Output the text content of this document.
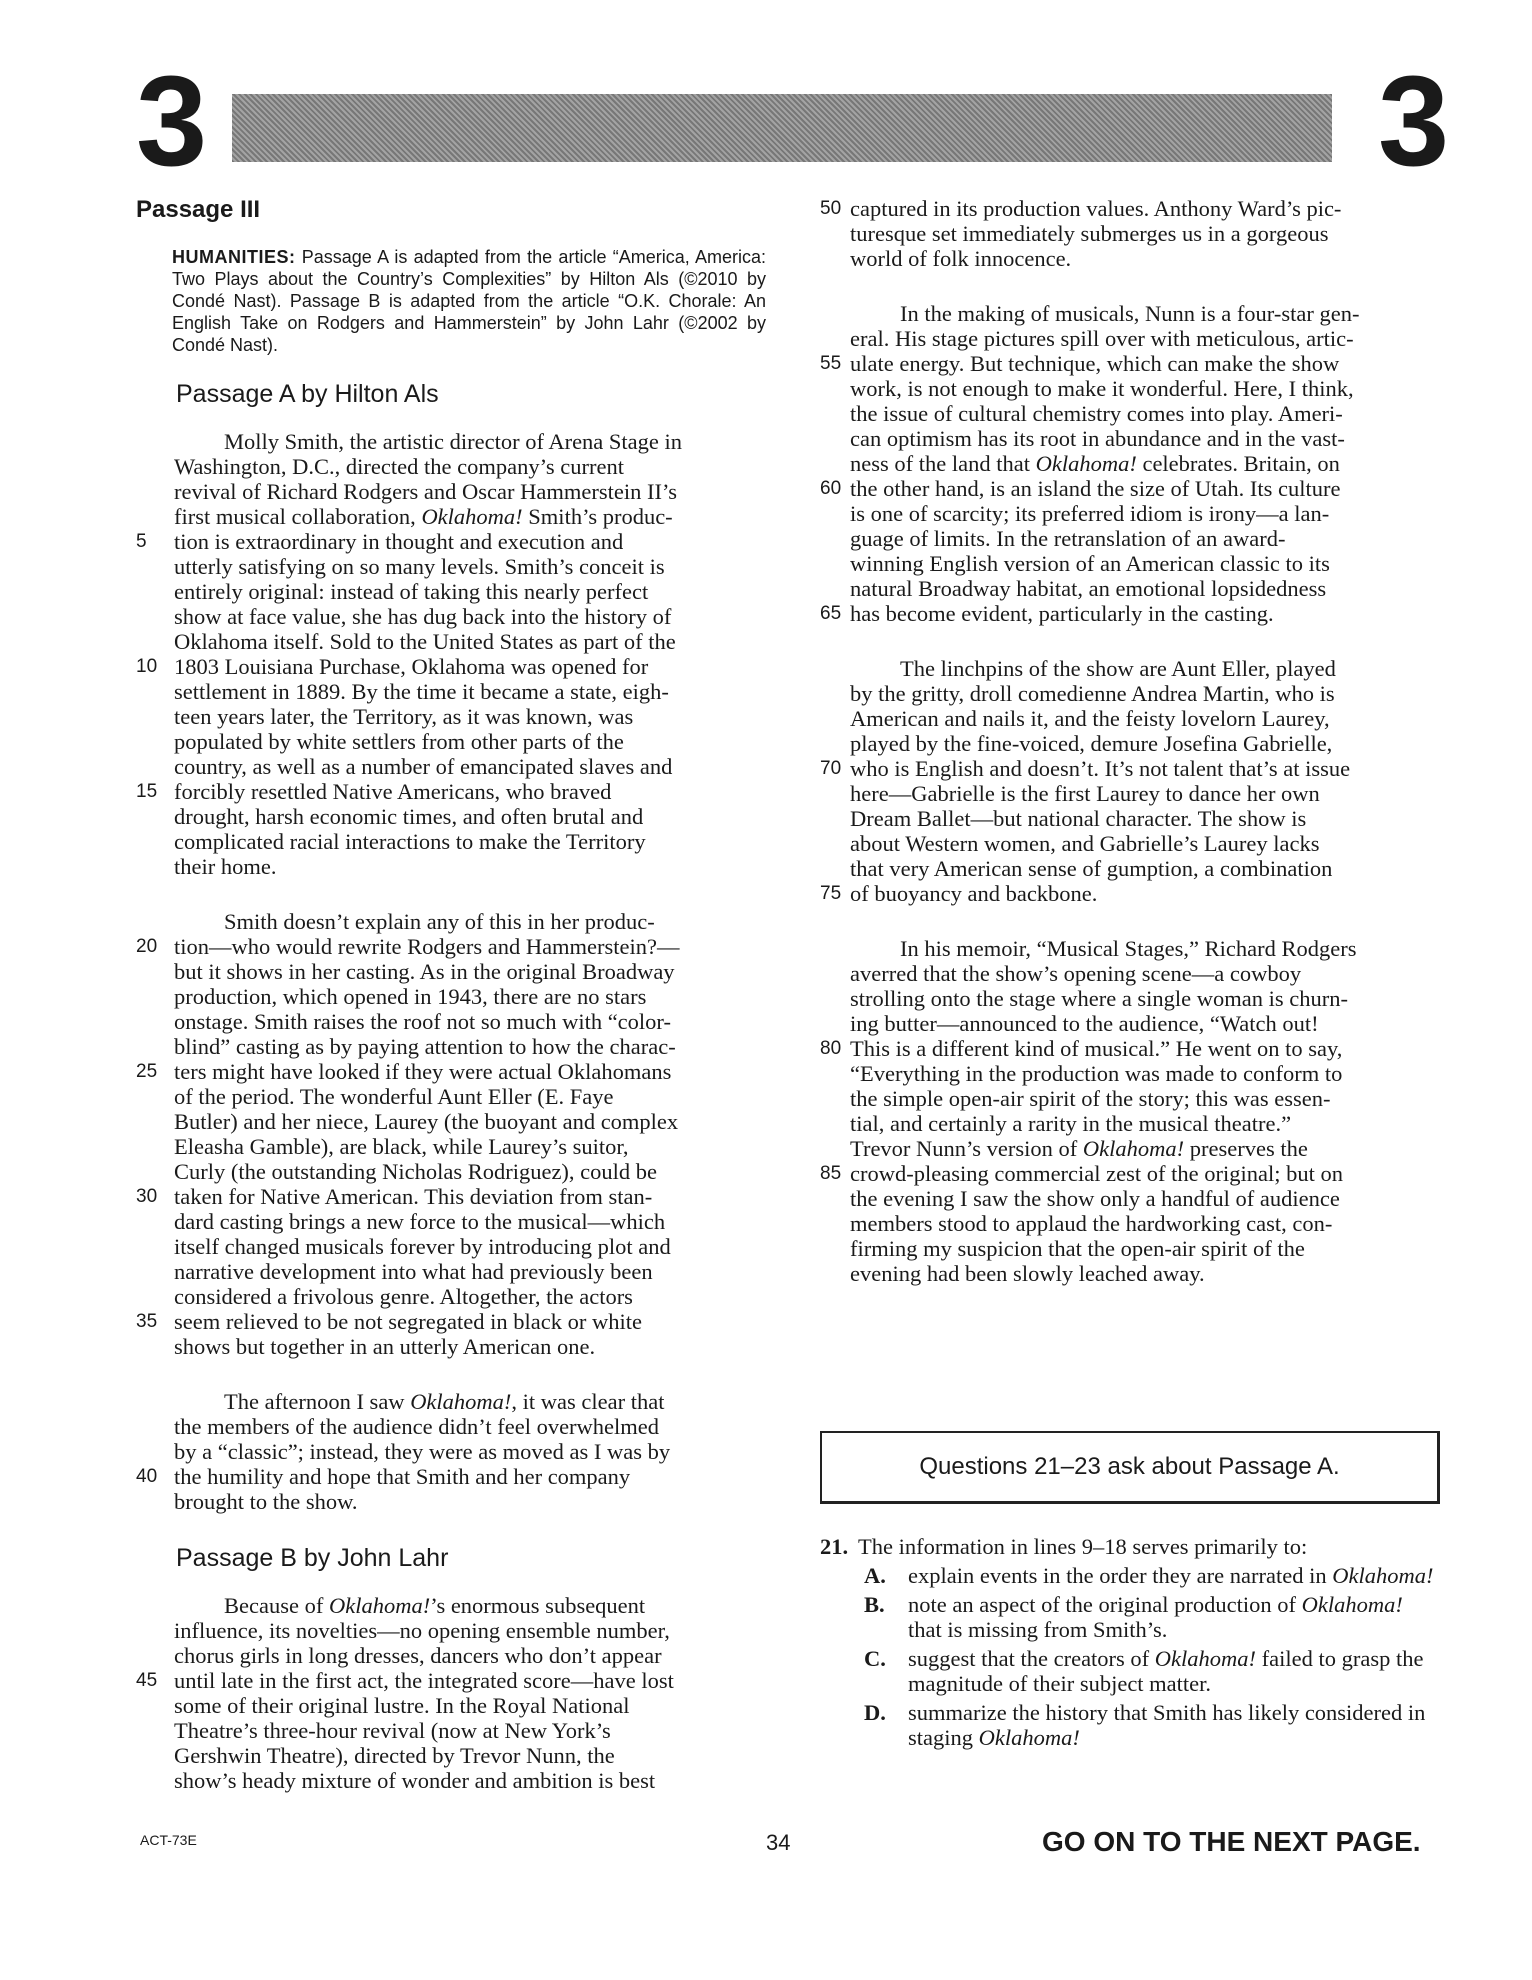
3	3
Passage III
HUMANITIES: Passage A is adapted from the article “America, America: Two Plays about the Country’s Complexities” by Hilton Als (©2010 by Condé Nast). Passage B is adapted from the article “O.K. Chorale: An English Take on Rodgers and Hammerstein” by John Lahr (©2002 by Condé Nast).
Passage A by Hilton Als
Molly Smith, the artistic director of Arena Stage in
Washington, D.C., directed the company’s current
revival of Richard Rodgers and Oscar Hammerstein II’s
first musical collaboration, Oklahoma! Smith’s produc-
5	tion is extraordinary in thought and execution and
utterly satisfying on so many levels. Smith’s conceit is
entirely original: instead of taking this nearly perfect
show at face value, she has dug back into the history of
Oklahoma itself. Sold to the United States as part of the
10 1803 Louisiana Purchase, Oklahoma was opened for
settlement in 1889. By the time it became a state, eigh-
teen years later, the Territory, as it was known, was
populated by white settlers from other parts of the
country, as well as a number of emancipated slaves and
15 forcibly resettled Native Americans, who braved
drought, harsh economic times, and often brutal and
complicated racial interactions to make the Territory
their home.
Smith doesn’t explain any of this in her produc-
20 tion—who would rewrite Rodgers and Hammerstein?—
but it shows in her casting. As in the original Broadway
production, which opened in 1943, there are no stars
onstage. Smith raises the roof not so much with “color-
blind” casting as by paying attention to how the charac-
25 ters might have looked if they were actual Oklahomans
of the period. The wonderful Aunt Eller (E. Faye
Butler) and her niece, Laurey (the buoyant and complex
Eleasha Gamble), are black, while Laurey’s suitor,
Curly (the outstanding Nicholas Rodriguez), could be
30 taken for Native American. This deviation from stan-
dard casting brings a new force to the musical—which
itself changed musicals forever by introducing plot and
narrative development into what had previously been
considered a frivolous genre. Altogether, the actors
35 seem relieved to be not segregated in black or white
shows but together in an utterly American one.
The afternoon I saw Oklahoma!, it was clear that
the members of the audience didn’t feel overwhelmed
by a “classic”; instead, they were as moved as I was by
40 the humility and hope that Smith and her company
brought to the show.
Passage B by John Lahr
Because of Oklahoma!’s enormous subsequent
influence, its novelties—no opening ensemble number,
chorus girls in long dresses, dancers who don’t appear
45 until late in the first act, the integrated score—have lost
some of their original lustre. In the Royal National
Theatre’s three-hour revival (now at New York’s
Gershwin Theatre), directed by Trevor Nunn, the
show’s heady mixture of wonder and ambition is best
50 captured in its production values. Anthony Ward’s pic-
turesque set immediately submerges us in a gorgeous
world of folk innocence.
In the making of musicals, Nunn is a four-star gen-
eral. His stage pictures spill over with meticulous, artic-
55 ulate energy. But technique, which can make the show
work, is not enough to make it wonderful. Here, I think,
the issue of cultural chemistry comes into play. Ameri-
can optimism has its root in abundance and in the vast-
ness of the land that Oklahoma! celebrates. Britain, on
60 the other hand, is an island the size of Utah. Its culture
is one of scarcity; its preferred idiom is irony—a lan-
guage of limits. In the retranslation of an award-
winning English version of an American classic to its
natural Broadway habitat, an emotional lopsidedness
65 has become evident, particularly in the casting.
The linchpins of the show are Aunt Eller, played
by the gritty, droll comedienne Andrea Martin, who is
American and nails it, and the feisty lovelorn Laurey,
played by the fine-voiced, demure Josefina Gabrielle,
70 who is English and doesn’t. It’s not talent that’s at issue
here—Gabrielle is the first Laurey to dance her own
Dream Ballet—but national character. The show is
about Western women, and Gabrielle’s Laurey lacks
that very American sense of gumption, a combination
75 of buoyancy and backbone.
In his memoir, “Musical Stages,” Richard Rodgers
averred that the show’s opening scene—a cowboy
strolling onto the stage where a single woman is churn-
ing butter—announced to the audience, “Watch out!
80 This is a different kind of musical.” He went on to say,
“Everything in the production was made to conform to
the simple open-air spirit of the story; this was essen-
tial, and certainly a rarity in the musical theatre.”
Trevor Nunn’s version of Oklahoma! preserves the
85 crowd-pleasing commercial zest of the original; but on
the evening I saw the show only a handful of audience
members stood to applaud the hardworking cast, con-
firming my suspicion that the open-air spirit of the
evening had been slowly leached away.
Questions 21–23 ask about Passage A.
21. The information in lines 9–18 serves primarily to:
A. explain events in the order they are narrated in Oklahoma!
B. note an aspect of the original production of Oklahoma! that is missing from Smith’s.
C. suggest that the creators of Oklahoma! failed to grasp the magnitude of their subject matter.
D. summarize the history that Smith has likely considered in staging Oklahoma!
ACT-73E	34	GO ON TO THE NEXT PAGE.
